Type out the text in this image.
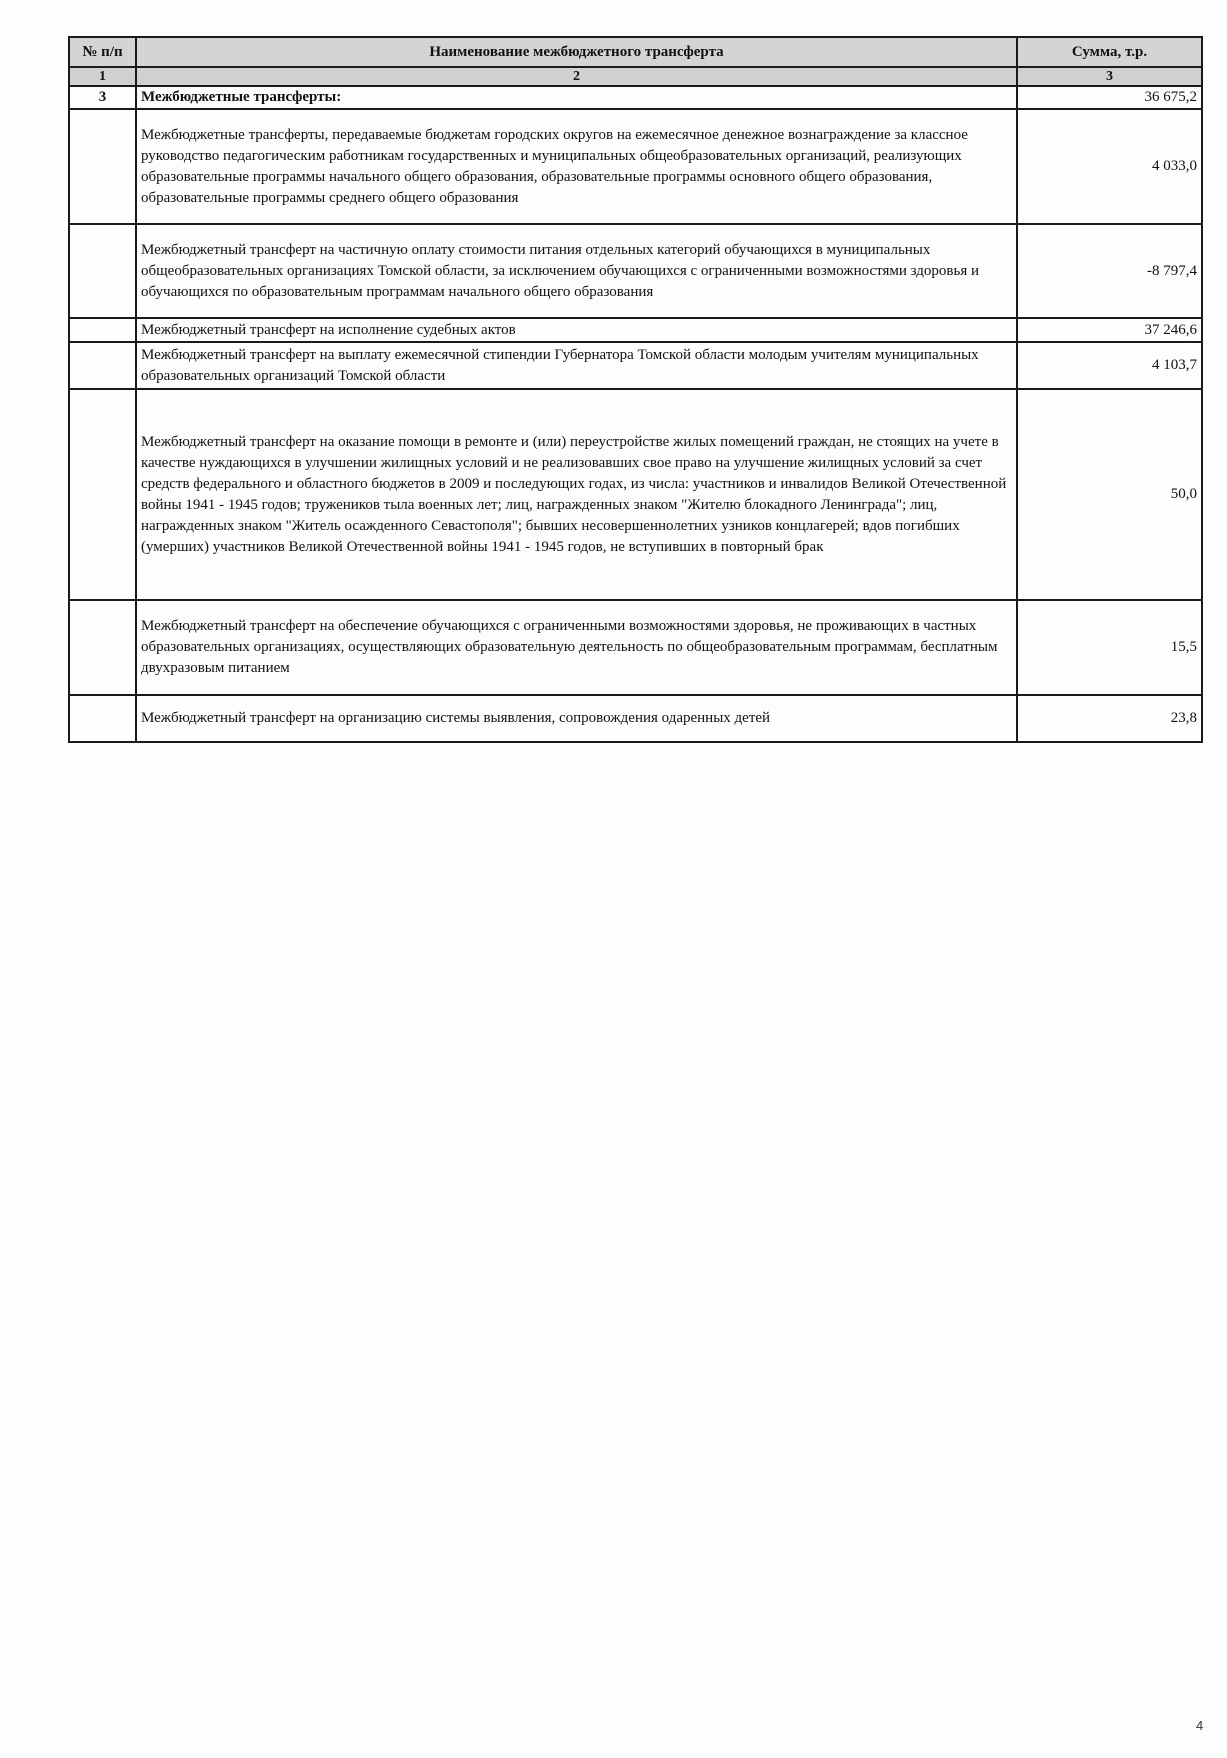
№ п/п	Наименование межбюджетного трансферта	Сумма, т.р.
1	2	3
3	Межбюджетные трансферты:	36 675,2
	Межбюджетные трансферты, передаваемые бюджетам городских округов на ежемесячное денежное вознаграждение за классное руководство педагогическим работникам государственных и муниципальных общеобразовательных организаций, реализующих образовательные программы начального общего образования, образовательные программы основного общего образования, образовательные программы среднего общего образования	4 033,0
	Межбюджетный трансферт на частичную оплату стоимости питания отдельных категорий обучающихся в муниципальных общеобразовательных организациях Томской области, за исключением обучающихся с ограниченными возможностями здоровья и обучающихся по образовательным программам начального общего образования	-8 797,4
	Межбюджетный трансферт на исполнение судебных актов	37 246,6
	Межбюджетный трансферт на выплату ежемесячной стипендии Губернатора Томской области молодым учителям муниципальных образовательных организаций Томской области	4 103,7
	Межбюджетный трансферт на оказание помощи в ремонте и (или) переустройстве жилых помещений граждан, не стоящих на учете в качестве нуждающихся в улучшении жилищных условий и не реализовавших свое право на улучшение жилищных условий за счет средств федерального и областного бюджетов в 2009 и последующих годах, из числа: участников и инвалидов Великой Отечественной войны 1941 - 1945 годов; тружеников тыла военных лет; лиц, награжденных знаком "Жителю блокадного Ленинграда"; лиц, награжденных знаком "Житель осажденного Севастополя"; бывших несовершеннолетних узников концлагерей; вдов погибших (умерших) участников Великой Отечественной войны 1941 - 1945 годов, не вступивших в повторный брак	50,0
	Межбюджетный трансферт на обеспечение обучающихся с ограниченными возможностями здоровья, не проживающих в частных образовательных организациях, осуществляющих образовательную деятельность по общеобразовательным программам, бесплатным двухразовым питанием	15,5
	Межбюджетный трансферт на организацию системы выявления, сопровождения одаренных детей	23,8
4
